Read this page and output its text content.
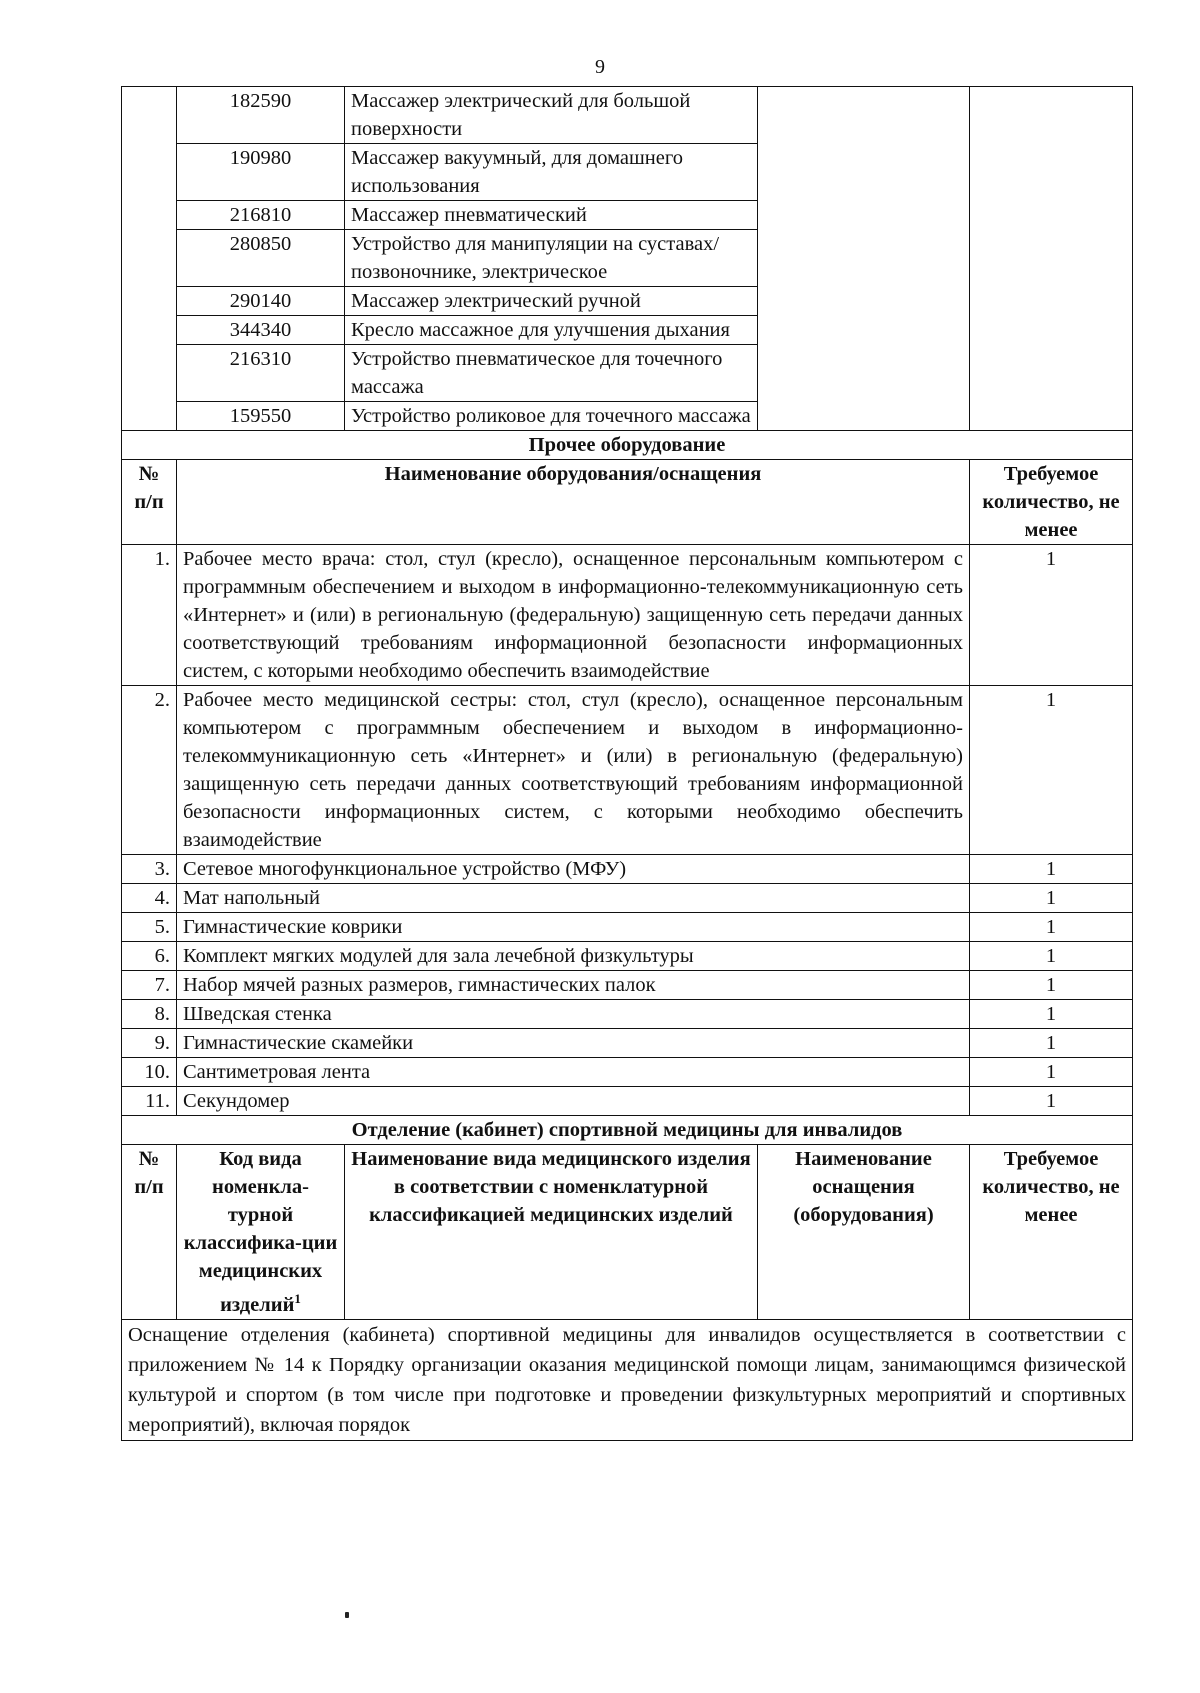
9
	182590	Массажер электрический для большой поверхности		
	190980	Массажер вакуумный, для домашнего использования		
	216810	Массажер пневматический		
	280850	Устройство для манипуляции на суставах/позвоночнике, электрическое		
	290140	Массажер электрический ручной		
	344340	Кресло массажное для улучшения дыхания		
	216310	Устройство пневматическое для точечного массажа		
	159550	Устройство роликовое для точечного массажа		
Прочее оборудование				
№ п/п	Наименование оборудования/оснащения			Требуемое количество, не менее
1.	Рабочее место врача: стол, стул (кресло), оснащенное персональным компьютером с программным обеспечением и выходом в информационно-телекоммуникационную сеть «Интернет» и (или) в региональную (федеральную) защищенную сеть передачи данных соответствующий требованиям информационной безопасности информационных систем, с которыми необходимо обеспечить взаимодействие			1
2.	Рабочее место медицинской сестры: стол, стул (кресло), оснащенное персональным компьютером с программным обеспечением и выходом в информационно-телекоммуникационную сеть «Интернет» и (или) в региональную (федеральную) защищенную сеть передачи данных соответствующий требованиям информационной безопасности информационных систем, с которыми необходимо обеспечить взаимодействие			1
3.	Сетевое многофункциональное устройство (МФУ)			1
4.	Мат напольный			1
5.	Гимнастические коврики			1
6.	Комплект мягких модулей для зала лечебной физкультуры			1
7.	Набор мячей разных размеров, гимнастических палок			1
8.	Шведская стенка			1
9.	Гимнастические скамейки			1
10.	Сантиметровая лента			1
11.	Секундомер			1
Отделение (кабинет) спортивной медицины для инвалидов				
№ п/п	Код вида номенкла-турной классифика-ции медицинских изделий$^1$	Наименование вида медицинского изделия в соответствии с номенклатурной классификацией медицинских изделий	Наименование оснащения (оборудования)	Требуемое количество, не менее
Оснащение отделения (кабинета) спортивной медицины для инвалидов осуществляется в соответствии с приложением № 14 к Порядку организации оказания медицинской помощи лицам, занимающимся физической культурой и спортом (в том числе при подготовке и проведении физкультурных мероприятий и спортивных мероприятий), включая порядок				
